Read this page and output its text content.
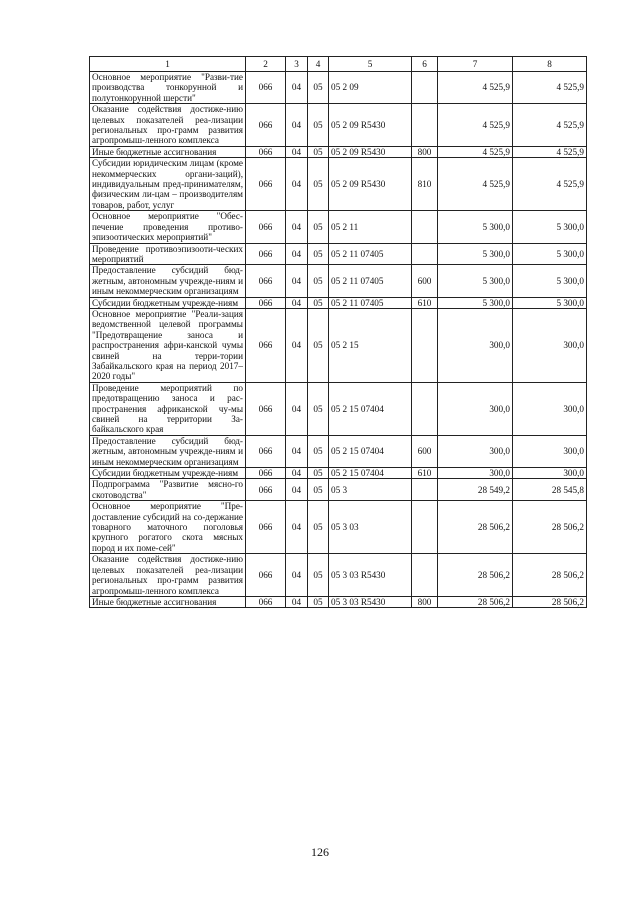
1	2	3	4	5	6	7	8
Основное мероприятие "Разви-тие производства тонкорунной и полутонкорунной шерсти"	066	04	05	05 2 09		4 525,9	4 525,9
Оказание содействия достиже-нию целевых показателей реа-лизации региональных про-грамм развития агропромыш-ленного комплекса	066	04	05	05 2 09 R5430		4 525,9	4 525,9
Иные бюджетные ассигнования	066	04	05	05 2 09 R5430	800	4 525,9	4 525,9
Субсидии юридическим лицам (кроме некоммерческих органи-заций), индивидуальным пред-принимателям, физическим ли-цам – производителям товаров, работ, услуг	066	04	05	05 2 09 R5430	810	4 525,9	4 525,9
Основное мероприятие "Обес-печение проведения противо-эпизоотических мероприятий"	066	04	05	05 2 11		5 300,0	5 300,0
Проведение противоэпизооти-ческих мероприятий	066	04	05	05 2 11 07405		5 300,0	5 300,0
Предоставление субсидий бюд-жетным, автономным учрежде-ниям и иным некоммерческим организациям	066	04	05	05 2 11 07405	600	5 300,0	5 300,0
Субсидии бюджетным учрежде-ниям	066	04	05	05 2 11 07405	610	5 300,0	5 300,0
Основное мероприятие "Реали-зация ведомственной целевой программы "Предотвращение заноса и распространения афри-канской чумы свиней на терри-тории Забайкальского края на период 2017–2020 годы"	066	04	05	05 2 15		300,0	300,0
Проведение мероприятий по предотвращению заноса и рас-пространения африканской чу-мы свиней на территории За-байкальского края	066	04	05	05 2 15 07404		300,0	300,0
Предоставление субсидий бюд-жетным, автономным учрежде-ниям и иным некоммерческим организациям	066	04	05	05 2 15 07404	600	300,0	300,0
Субсидии бюджетным учрежде-ниям	066	04	05	05 2 15 07404	610	300,0	300,0
Подпрограмма "Развитие мясно-го скотоводства"	066	04	05	05 3		28 549,2	28 545,8
Основное мероприятие "Пре-доставление субсидий на со-держание товарного маточного поголовья крупного рогатого скота мясных пород и их поме-сей"	066	04	05	05 3 03		28 506,2	28 506,2
Оказание содействия достиже-нию целевых показателей реа-лизации региональных про-грамм развития агропромыш-ленного комплекса	066	04	05	05 3 03 R5430		28 506,2	28 506,2
Иные бюджетные ассигнования	066	04	05	05 3 03 R5430	800	28 506,2	28 506,2
126
